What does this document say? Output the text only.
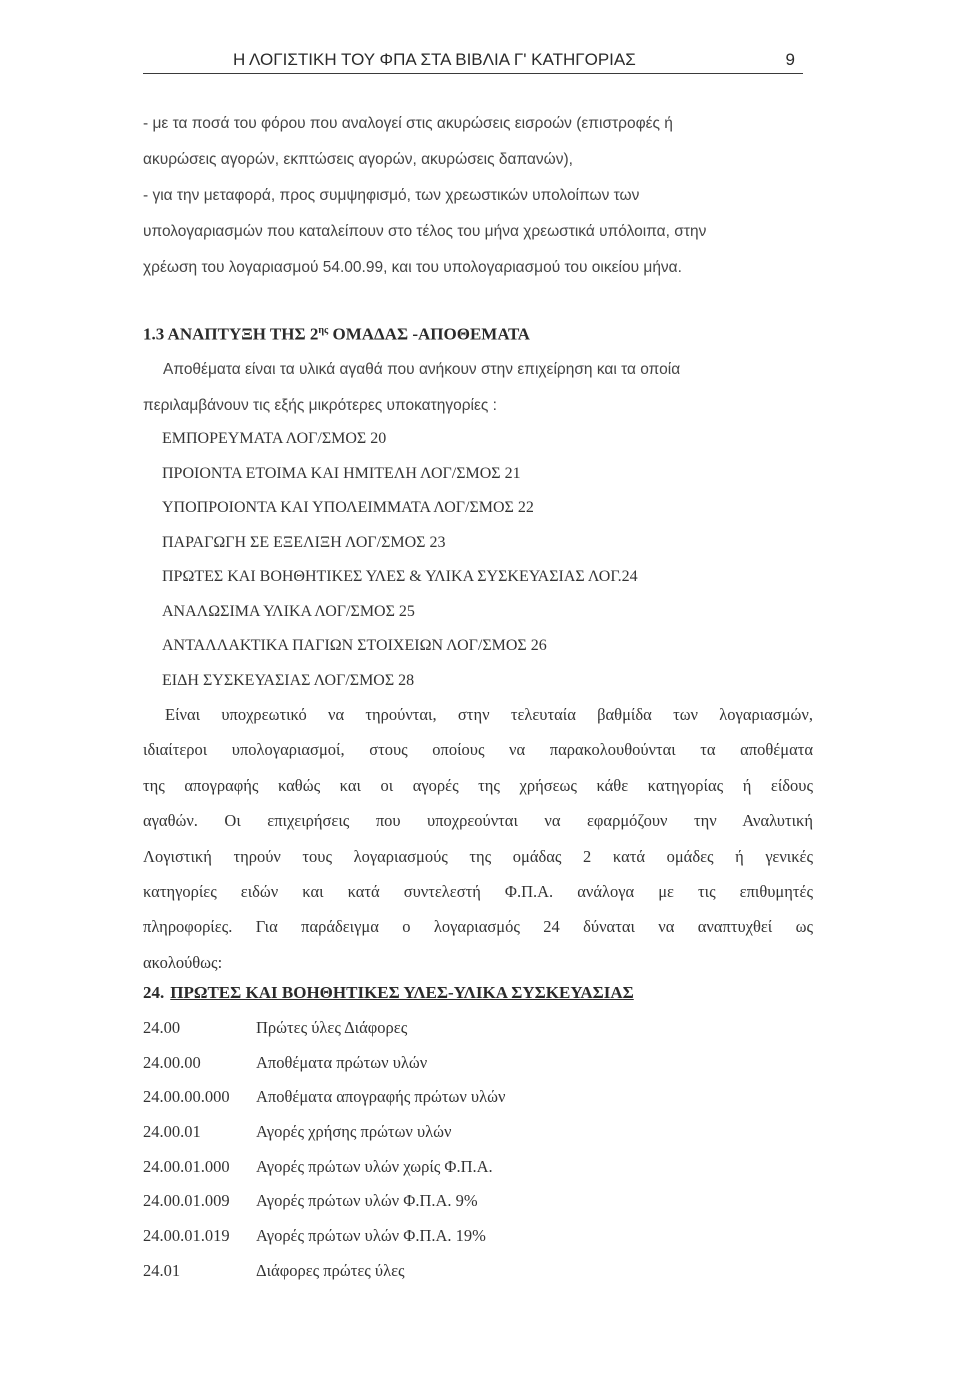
Η ΛΟΓΙΣΤΙΚΗ ΤΟΥ ΦΠΑ ΣΤΑ ΒΙΒΛΙΑ Γ' ΚΑΤΗΓΟΡΙΑΣ	9

- με τα ποσά του φόρου που αναλογεί στις ακυρώσεις εισροών (επιστροφές ή
ακυρώσεις αγορών, εκπτώσεις αγορών, ακυρώσεις δαπανών),
- για την μεταφορά, προς συμψηφισμό, των χρεωστικών υπολοίπων των
υπολογαριασμών που καταλείπουν στο τέλος του μήνα χρεωστικά υπόλοιπα, στην
χρέωση του λογαριασμού 54.00.99, και του υπολογαριασμού του οικείου μήνα.
1.3 ΑΝΑΠΤΥΞΗ ΤΗΣ $2^{\eta\varsigma}$ ΟΜΑΔΑΣ -ΑΠΟΘΕΜΑΤΑ
Αποθέματα είναι τα υλικά αγαθά που ανήκουν στην επιχείρηση και τα οποία
περιλαμβάνουν τις εξής μικρότερες υποκατηγορίες :
ΕΜΠΟΡΕΥΜΑΤΑ ΛΟΓ/ΣΜΟΣ 20
ΠΡΟΙΟΝΤΑ ΕΤΟΙΜΑ ΚΑΙ ΗΜΙΤΕΛΗ ΛΟΓ/ΣΜΟΣ 21
ΥΠΟΠΡΟΙΟΝΤΑ ΚΑΙ ΥΠΟΛΕΙΜΜΑΤΑ ΛΟΓ/ΣΜΟΣ 22
ΠΑΡΑΓΩΓΗ ΣΕ ΕΞΕΛΙΞΗ ΛΟΓ/ΣΜΟΣ 23
ΠΡΩΤΕΣ ΚΑΙ ΒΟΗΘΗΤΙΚΕΣ ΥΛΕΣ & ΥΛΙΚΑ ΣΥΣΚΕΥΑΣΙΑΣ ΛΟΓ.24
ΑΝΑΛΩΣΙΜΑ ΥΛΙΚΑ ΛΟΓ/ΣΜΟΣ 25
ΑΝΤΑΛΛΑΚΤΙΚΑ ΠΑΓΙΩΝ ΣΤΟΙΧΕΙΩΝ ΛΟΓ/ΣΜΟΣ 26
ΕΙΔΗ ΣΥΣΚΕΥΑΣΙΑΣ ΛΟΓ/ΣΜΟΣ 28
Είναι υποχρεωτικό να τηρούνται, στην τελευταία βαθμίδα των λογαριασμών,
ιδιαίτεροι υπολογαριασμοί, στους οποίους να παρακολουθούνται τα αποθέματα
της απογραφής καθώς και οι αγορές της χρήσεως κάθε κατηγορίας ή είδους
αγαθών. Οι επιχειρήσεις που υποχρεούνται να εφαρμόζουν την Αναλυτική
Λογιστική τηρούν τους λογαριασμούς της ομάδας 2 κατά ομάδες ή γενικές
κατηγορίες ειδών και κατά συντελεστή Φ.Π.Α. ανάλογα με τις επιθυμητές
πληροφορίες. Για παράδειγμα ο λογαριασμός 24 δύναται να αναπτυχθεί ως
ακολούθως:
24. ΠΡΩΤΕΣ ΚΑΙ ΒΟΗΘΗΤΙΚΕΣ ΥΛΕΣ-ΥΛΙΚΑ ΣΥΣΚΕΥΑΣΙΑΣ
24.00	Πρώτες ύλες Διάφορες
24.00.00	Αποθέματα πρώτων υλών
24.00.00.000	Αποθέματα απογραφής πρώτων υλών
24.00.01	Αγορές χρήσης πρώτων υλών
24.00.01.000	Αγορές πρώτων υλών χωρίς Φ.Π.Α.
24.00.01.009	Αγορές πρώτων υλών Φ.Π.Α. 9%
24.00.01.019	Αγορές πρώτων υλών Φ.Π.Α. 19%
24.01	Διάφορες πρώτες ύλες
